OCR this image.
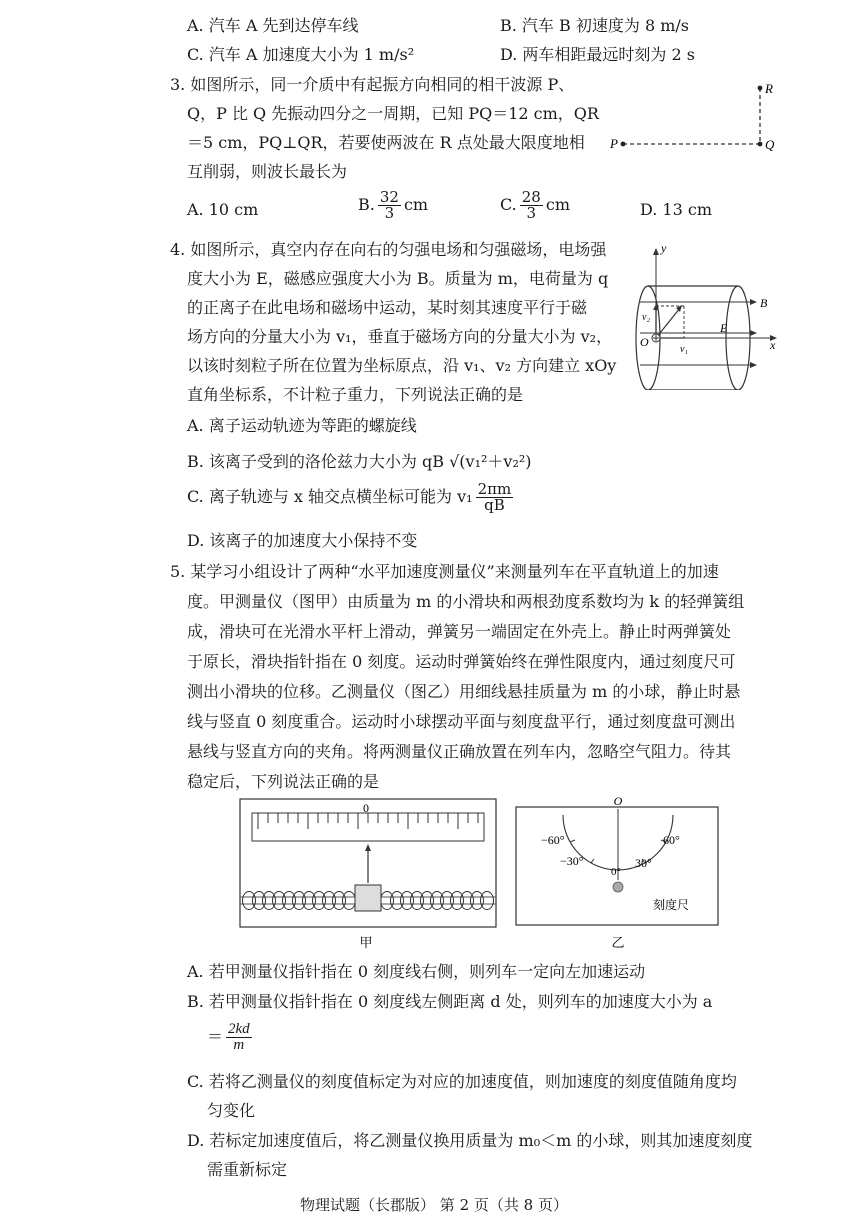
A. 汽车 A 先到达停车线	B. 汽车 B 初速度为 8 m/s
C. 汽车 A 加速度大小为 1 m/s²	D. 两车相距最远时刻为 2 s
3. 如图所示，同一介质中有起振方向相同的相干波源 P、
Q，P 比 Q 先振动四分之一周期，已知 PQ＝12 cm，QR
＝5 cm，PQ⊥QR，若要使两波在 R 点处最大限度地相
互削弱，则波长最长为
R
P	Q
A. 10 cm	B. $\frac{32}{3}$ cm	C. $\frac{28}{3}$ cm	D. 13 cm
4. 如图所示，真空内存在向右的匀强电场和匀强磁场，电场强
度大小为 E，磁感应强度大小为 B。质量为 m，电荷量为 q
的正离子在此电场和磁场中运动，某时刻其速度平行于磁
场方向的分量大小为 v₁，垂直于磁场方向的分量大小为 v₂，
以该时刻粒子所在位置为坐标原点，沿 v₁、v₂ 方向建立 xOy
直角坐标系，不计粒子重力，下列说法正确的是
y
B
E
x
O
v₁
v₂
A. 离子运动轨迹为等距的螺旋线
B. 该离子受到的洛伦兹力大小为 qB √(v₁²＋v₂²)
C. 离子轨迹与 x 轴交点横坐标可能为 $v_1 \frac{2\pi m}{qB}$
D. 该离子的加速度大小保持不变
5. 某学习小组设计了两种“水平加速度测量仪”来测量列车在平直轨道上的加速
度。甲测量仪（图甲）由质量为 m 的小滑块和两根劲度系数均为 k 的轻弹簧组
成，滑块可在光滑水平杆上滑动，弹簧另一端固定在外壳上。静止时两弹簧处
于原长，滑块指针指在 0 刻度。运动时弹簧始终在弹性限度内，通过刻度尺可
测出小滑块的位移。乙测量仪（图乙）用细线悬挂质量为 m 的小球，静止时悬
线与竖直 0 刻度重合。运动时小球摆动平面与刻度盘平行，通过刻度盘可测出
悬线与竖直方向的夹角。将两测量仪正确放置在列车内，忽略空气阻力。待其
稳定后，下列说法正确的是
0
甲
O
−60°	60°
−30°	30°
0°
刻度尺
乙
A. 若甲测量仪指针指在 0 刻度线右侧，则列车一定向左加速运动
B. 若甲测量仪指针指在 0 刻度线左侧距离 d 处，则列车的加速度大小为 a
＝ $\frac{2kd}{m}$
C. 若将乙测量仪的刻度值标定为对应的加速度值，则加速度的刻度值随角度均
匀变化
D. 若标定加速度值后，将乙测量仪换用质量为 m₀＜m 的小球，则其加速度刻度
需重新标定
物理试题（长郡版） 第 2 页（共 8 页）
